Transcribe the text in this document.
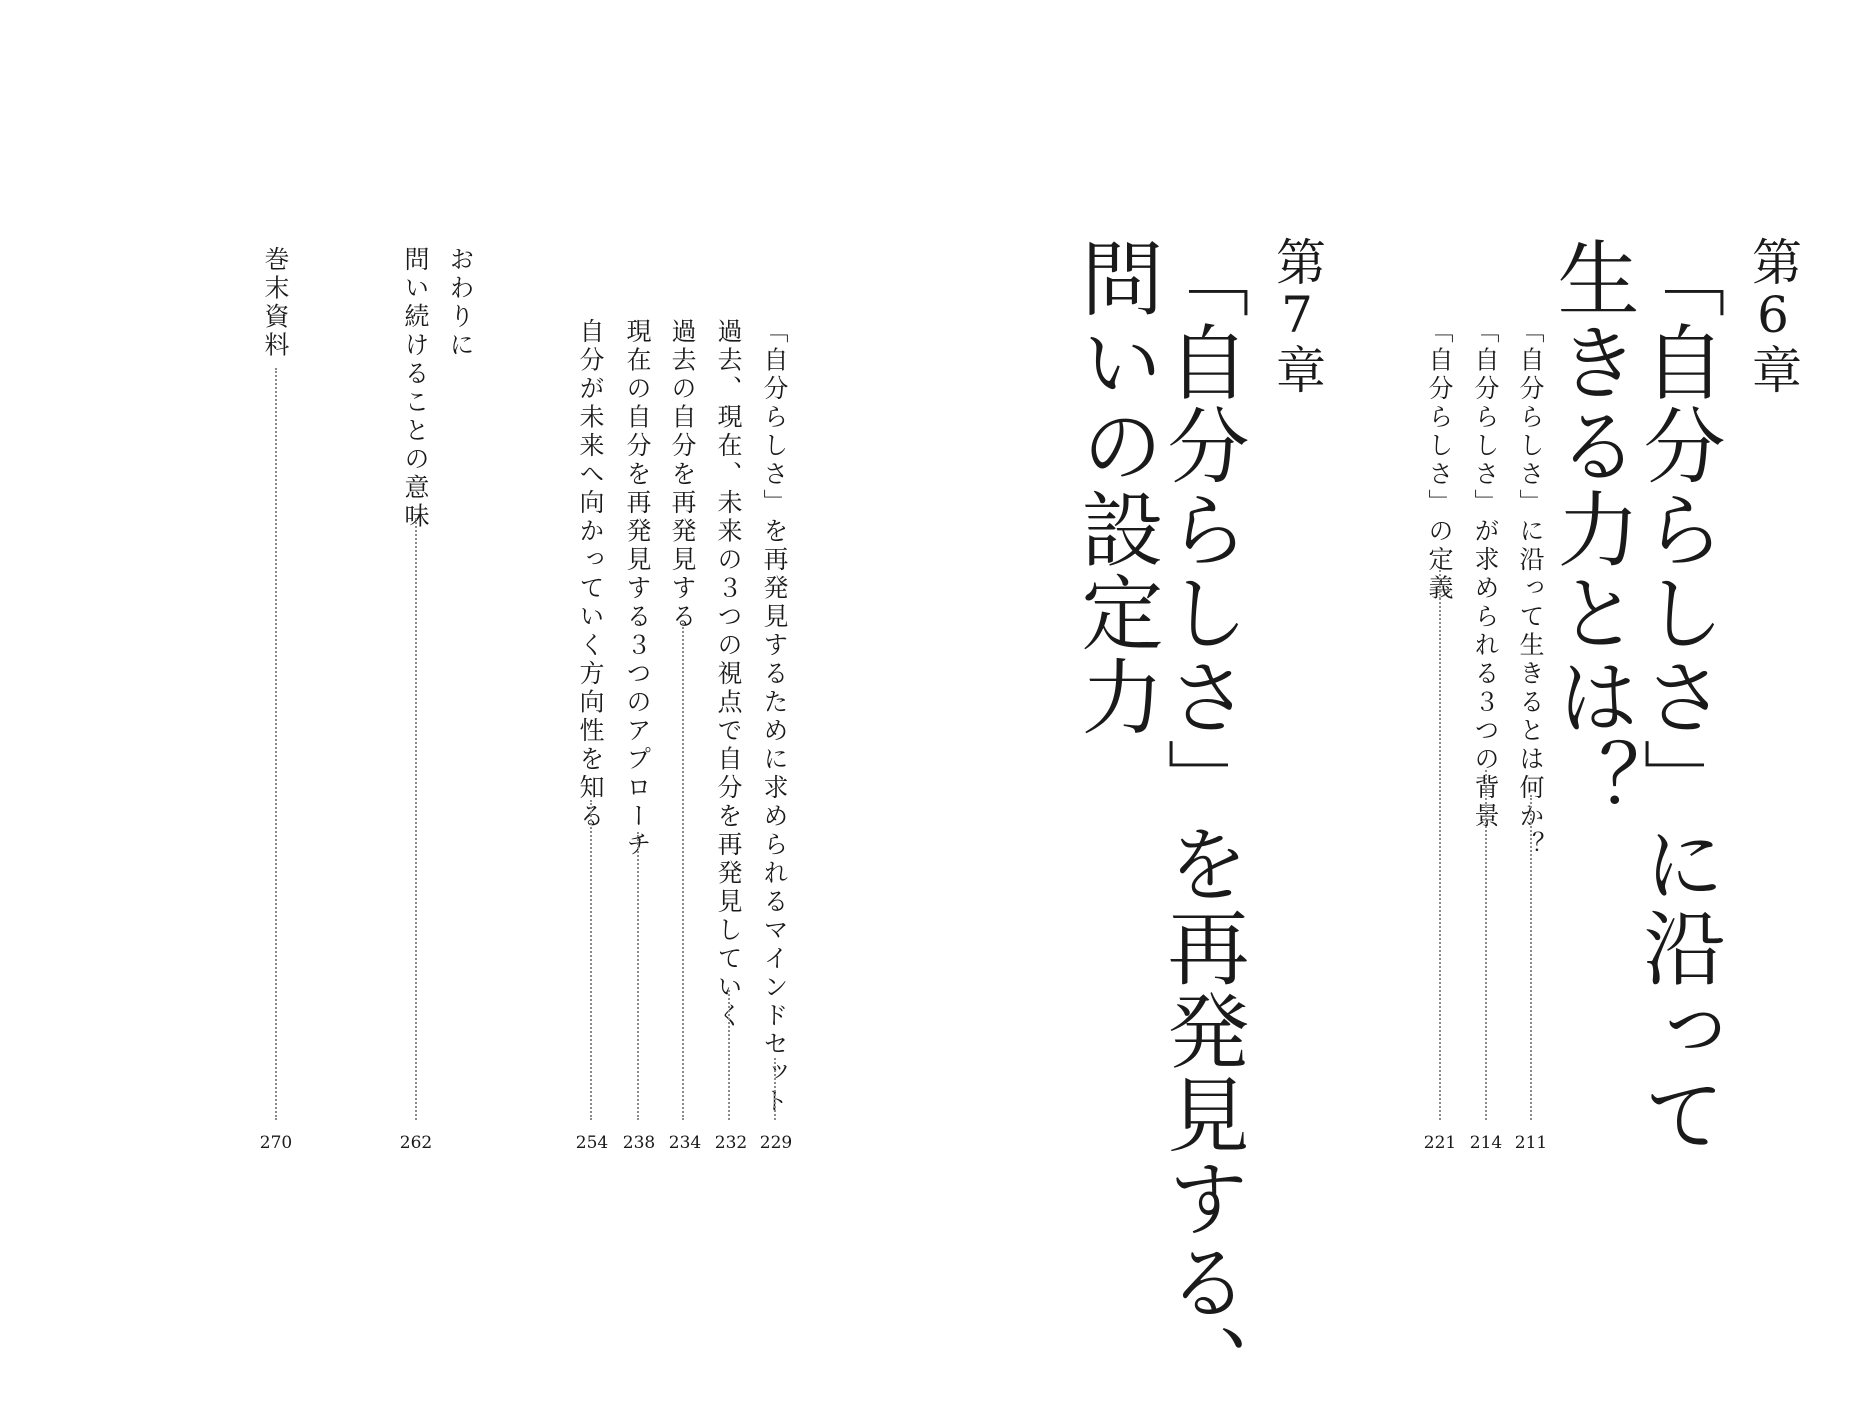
第6章
「自分らしさ」に沿って
生きる力とは？
「自分らしさ」に沿って生きるとは何か？
211
「自分らしさ」が求められる３つの背景
214
「自分らしさ」の定義
221
第7章
「自分らしさ」を再発見する、
問いの設定力
「自分らしさ」を再発見するために求められるマインドセット
229
過去、現在、未来の３つの視点で自分を再発見していく
232
過去の自分を再発見する
234
現在の自分を再発見する３つのアプローチ
238
自分が未来へ向かっていく方向性を知る
254
おわりに
問い続けることの意味
262
巻末資料
270
